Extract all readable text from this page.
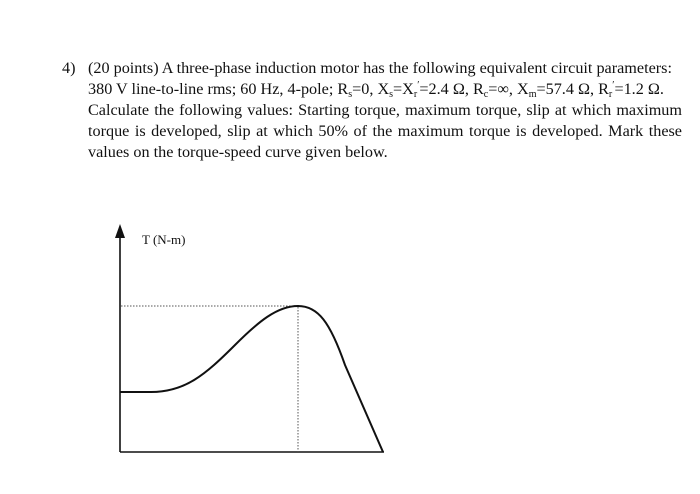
4) (20 points) A three-phase induction motor has the following equivalent circuit parameters:
380 V line-to-line rms; 60 Hz, 4-pole; $R_s=0$, $X_s=X_r'=2.4$ Ω, $R_c=\infty$, $X_m=57.4$ Ω, $R_r'=1.2$ Ω.
Calculate the following values: Starting torque, maximum torque, slip at which maximum torque is developed, slip at which 50% of the maximum torque is developed. Mark these values on the torque-speed curve given below.
T (N-m)
